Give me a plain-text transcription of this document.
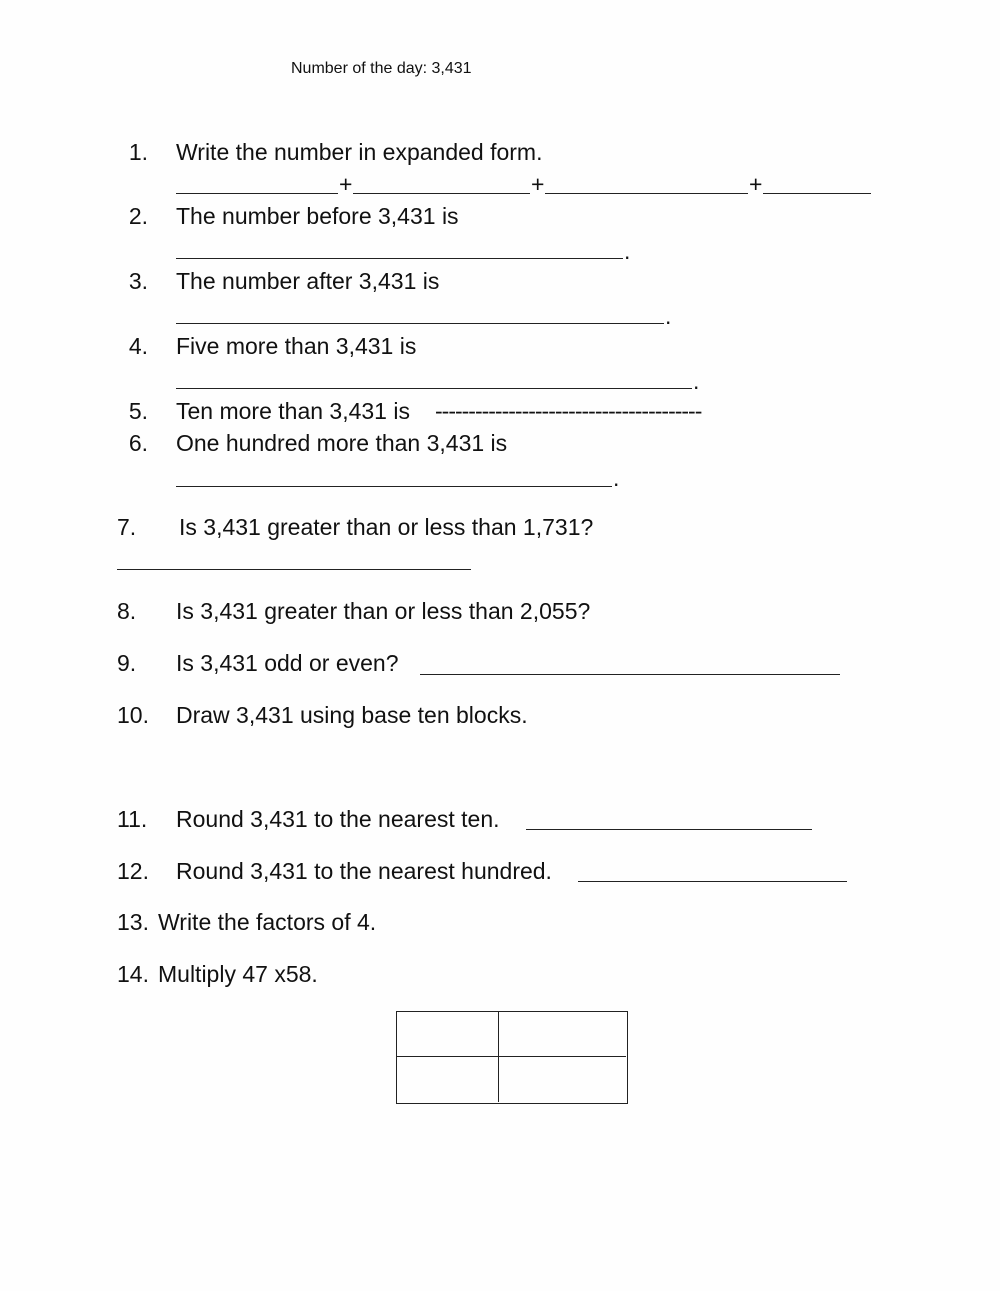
Number of the day: 3,431
1. Write the number in expanded form.
+	+	+
2. The number before 3,431 is
.
3. The number after 3,431 is
.
4. Five more than 3,431 is
.
5. Ten more than 3,431 is ----------------------------------------
6. One hundred more than 3,431 is
.
7. Is 3,431 greater than or less than 1,731?
8. Is 3,431 greater than or less than 2,055?
9. Is 3,431 odd or even?
10. Draw 3,431 using base ten blocks.
11. Round 3,431 to the nearest ten.
12. Round 3,431 to the nearest hundred.
13. Write the factors of 4.
14. Multiply 47 x58.
